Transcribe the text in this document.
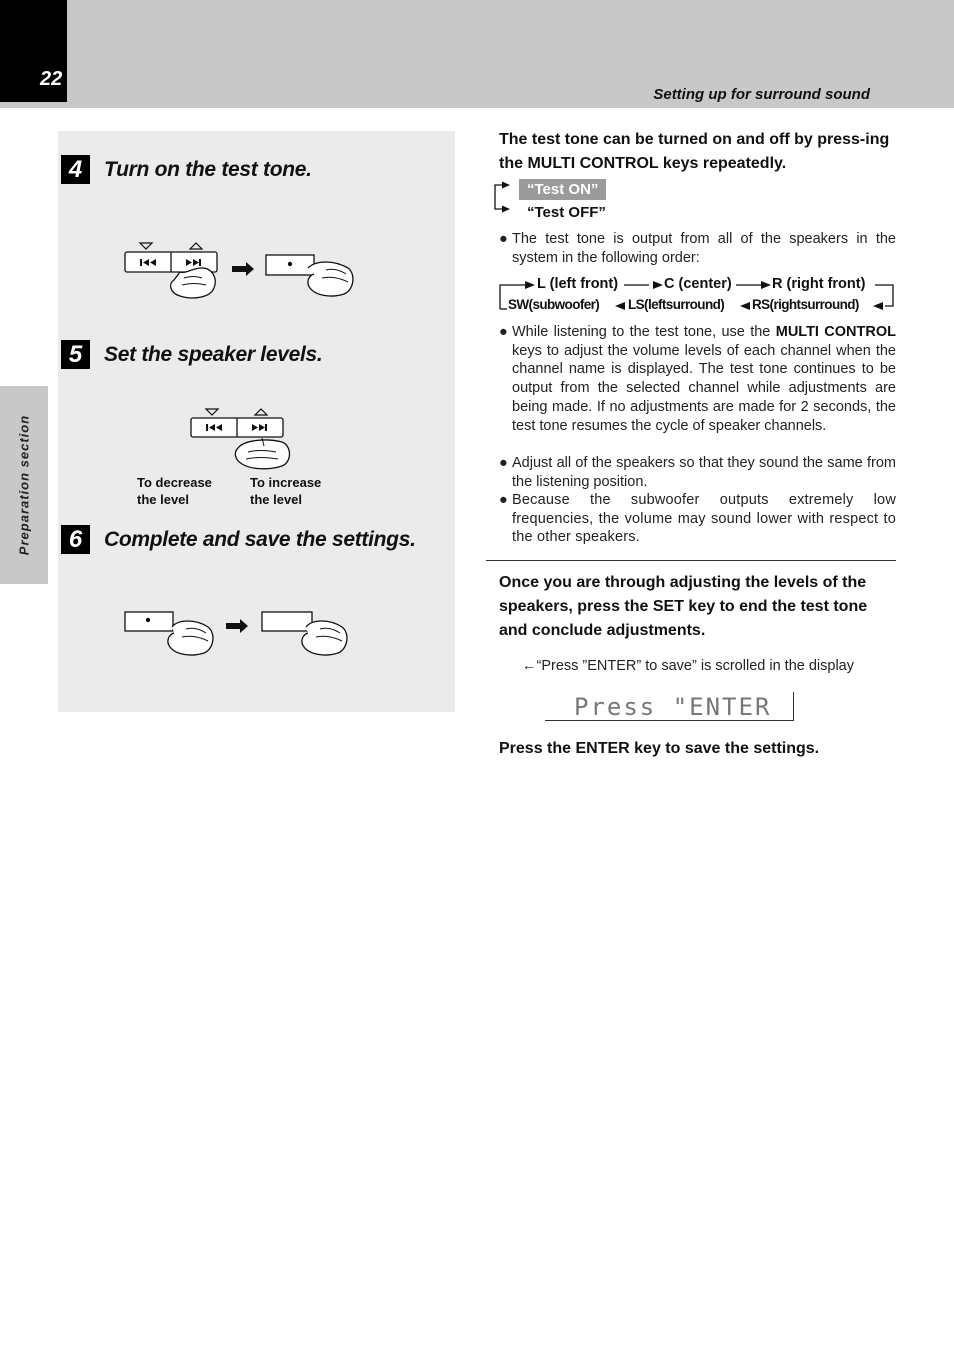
22
Setting up for surround sound
Preparation section
4	Turn on the test tone.
5	Set the speaker levels.
To decrease
the level
To increase
the level
6	Complete and save the settings.
The test tone can be turned on and off by press-ing the MULTI CONTROL keys repeatedly.
“Test ON”
“Test OFF”
● The test tone is output from all of the speakers in the system in the following order:
L (left front)	C (center)	R (right front)
SW(subwoofer) LS(leftsurround) RS(rightsurround)
● While listening to the test tone, use the MULTI CONTROL keys to adjust the volume levels of each channel when the channel name is displayed. The test tone continues to be output from the selected channel while adjustments are being made. If no adjustments are made for 2 seconds, the test tone resumes the cycle of speaker channels.
● Adjust all of the speakers so that they sound the same from the listening position.
● Because the subwoofer outputs extremely low frequencies, the volume may sound lower with respect to the other speakers.
Once you are through adjusting the levels of the speakers, press the SET key to end the test tone and conclude adjustments.
←“Press ”ENTER” to save” is scrolled in the display
Press "ENTER
Press the ENTER key to save the settings.
